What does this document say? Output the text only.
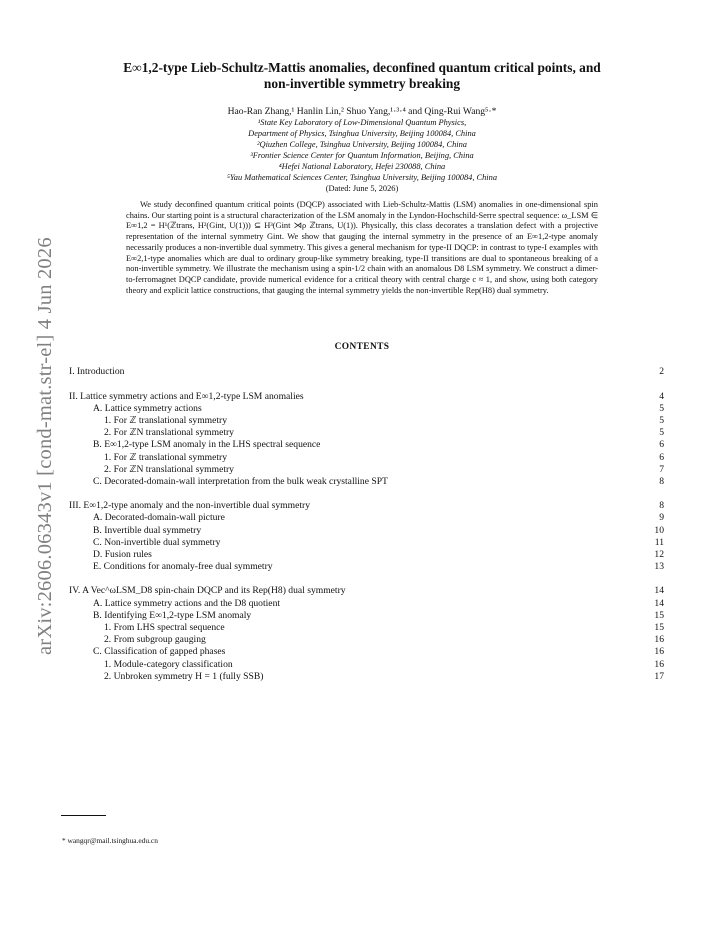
arXiv:2606.06343v1 [cond-mat.str-el] 4 Jun 2026
E∞1,2-type Lieb-Schultz-Mattis anomalies, deconfined quantum critical points, and
non-invertible symmetry breaking
Hao-Ran Zhang,¹ Hanlin Lin,² Shuo Yang,¹·³·⁴ and Qing-Rui Wang⁵·*
¹State Key Laboratory of Low-Dimensional Quantum Physics,
Department of Physics, Tsinghua University, Beijing 100084, China
²Qiuzhen College, Tsinghua University, Beijing 100084, China
³Frontier Science Center for Quantum Information, Beijing, China
⁴Hefei National Laboratory, Hefei 230088, China
⁵Yau Mathematical Sciences Center, Tsinghua University, Beijing 100084, China
(Dated: June 5, 2026)

We study deconfined quantum critical points (DQCP) associated with Lieb-Schultz-Mattis (LSM) anomalies in one-dimensional spin chains. Our starting point is a structural characterization of the LSM anomaly in the Lyndon-Hochschild-Serre spectral sequence: ω_LSM ∈ E∞1,2 = H¹(ℤtrans, H²(Gint, U(1))) ⊆ H³(Gint ⋊ρ ℤtrans, U(1)). Physically, this class decorates a translation defect with a projective representation of the internal symmetry Gint. We show that gauging the internal symmetry in the presence of an E∞1,2-type anomaly necessarily produces a non-invertible dual symmetry. This gives a general mechanism for type-II DQCP: in contrast to type-I examples with E∞2,1-type anomalies which are dual to ordinary group-like symmetry breaking, type-II transitions are dual to spontaneous breaking of a non-invertible symmetry. We illustrate the mechanism using a spin-1/2 chain with an anomalous D8 LSM symmetry. We construct a dimer-to-ferromagnet DQCP candidate, provide numerical evidence for a critical theory with central charge c ≈ 1, and show, using both category theory and explicit lattice constructions, that gauging the internal symmetry yields the non-invertible Rep(H8) dual symmetry.

CONTENTS
I. Introduction	2
II. Lattice symmetry actions and E∞1,2-type LSM anomalies	4
A. Lattice symmetry actions	5
1. For ℤ translational symmetry	5
2. For ℤN translational symmetry	5
B. E∞1,2-type LSM anomaly in the LHS spectral sequence	6
1. For ℤ translational symmetry	6
2. For ℤN translational symmetry	7
C. Decorated-domain-wall interpretation from the bulk weak crystalline SPT	8
III. E∞1,2-type anomaly and the non-invertible dual symmetry	8
A. Decorated-domain-wall picture	9
B. Invertible dual symmetry	10
C. Non-invertible dual symmetry	11
D. Fusion rules	12
E. Conditions for anomaly-free dual symmetry	13
IV. A Vec^ωLSM_D8 spin-chain DQCP and its Rep(H8) dual symmetry	14
A. Lattice symmetry actions and the D8 quotient	14
B. Identifying E∞1,2-type LSM anomaly	15
1. From LHS spectral sequence	15
2. From subgroup gauging	16
C. Classification of gapped phases	16
1. Module-category classification	16
2. Unbroken symmetry H = 1 (fully SSB)	17
* wangqr@mail.tsinghua.edu.cn
